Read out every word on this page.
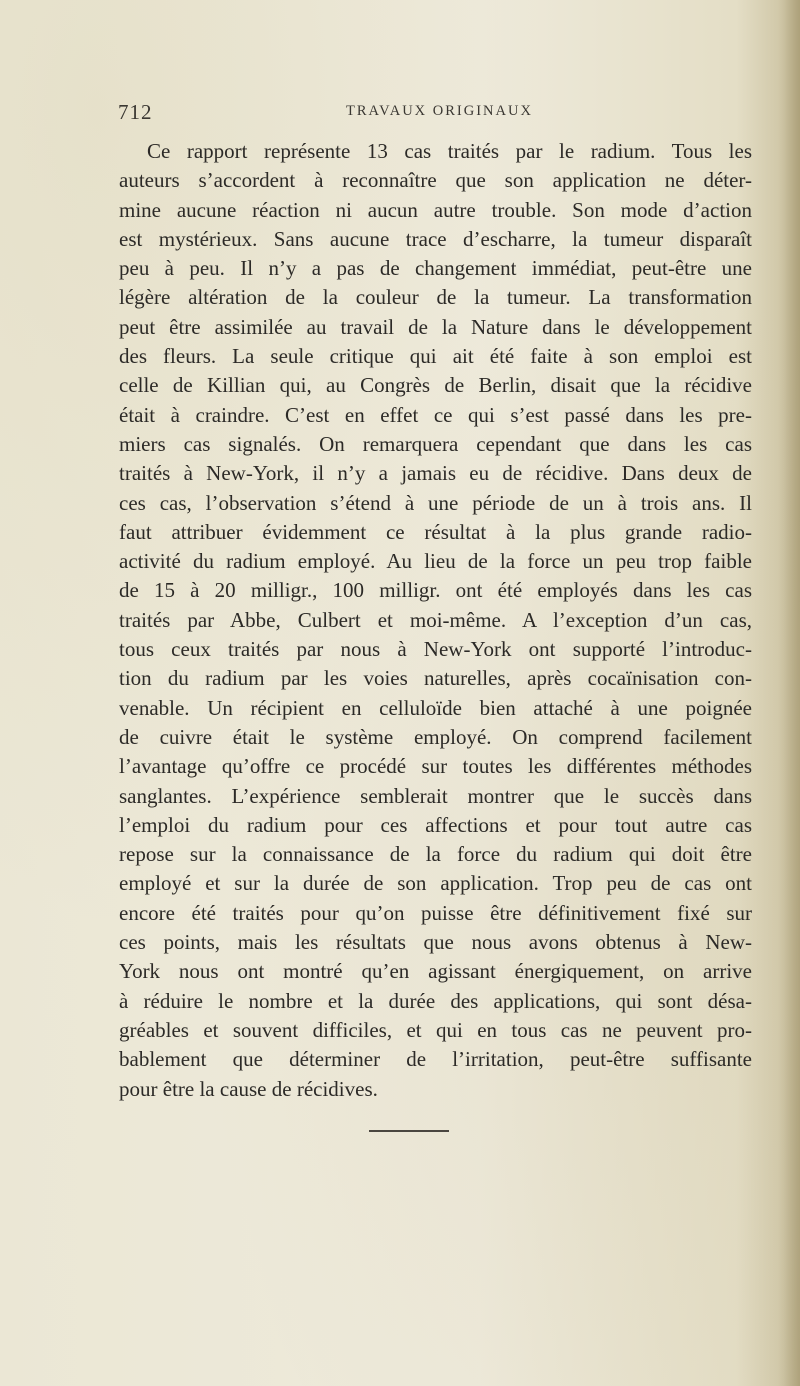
712	TRAVAUX ORIGINAUX
Ce rapport représente 13 cas traités par le radium. Tous les
auteurs s’accordent à reconnaître que son application ne déter-
mine aucune réaction ni aucun autre trouble. Son mode d’action
est mystérieux. Sans aucune trace d’escharre, la tumeur disparaît
peu à peu. Il n’y a pas de changement immédiat, peut-être une
légère altération de la couleur de la tumeur. La transformation
peut être assimilée au travail de la Nature dans le développement
des fleurs. La seule critique qui ait été faite à son emploi est
celle de Killian qui, au Congrès de Berlin, disait que la récidive
était à craindre. C’est en effet ce qui s’est passé dans les pre-
miers cas signalés. On remarquera cependant que dans les cas
traités à New-York, il n’y a jamais eu de récidive. Dans deux de
ces cas, l’observation s’étend à une période de un à trois ans. Il
faut attribuer évidemment ce résultat à la plus grande radio-
activité du radium employé. Au lieu de la force un peu trop faible
de 15 à 20 milligr., 100 milligr. ont été employés dans les cas
traités par Abbe, Culbert et moi-même. A l’exception d’un cas,
tous ceux traités par nous à New-York ont supporté l’introduc-
tion du radium par les voies naturelles, après cocaïnisation con-
venable. Un récipient en celluloïde bien attaché à une poignée
de cuivre était le système employé. On comprend facilement
l’avantage qu’offre ce procédé sur toutes les différentes méthodes
sanglantes. L’expérience semblerait montrer que le succès dans
l’emploi du radium pour ces affections et pour tout autre cas
repose sur la connaissance de la force du radium qui doit être
employé et sur la durée de son application. Trop peu de cas ont
encore été traités pour qu’on puisse être définitivement fixé sur
ces points, mais les résultats que nous avons obtenus à New-
York nous ont montré qu’en agissant énergiquement, on arrive
à réduire le nombre et la durée des applications, qui sont désa-
gréables et souvent difficiles, et qui en tous cas ne peuvent pro-
bablement que déterminer de l’irritation, peut-être suffisante
pour être la cause de récidives.
